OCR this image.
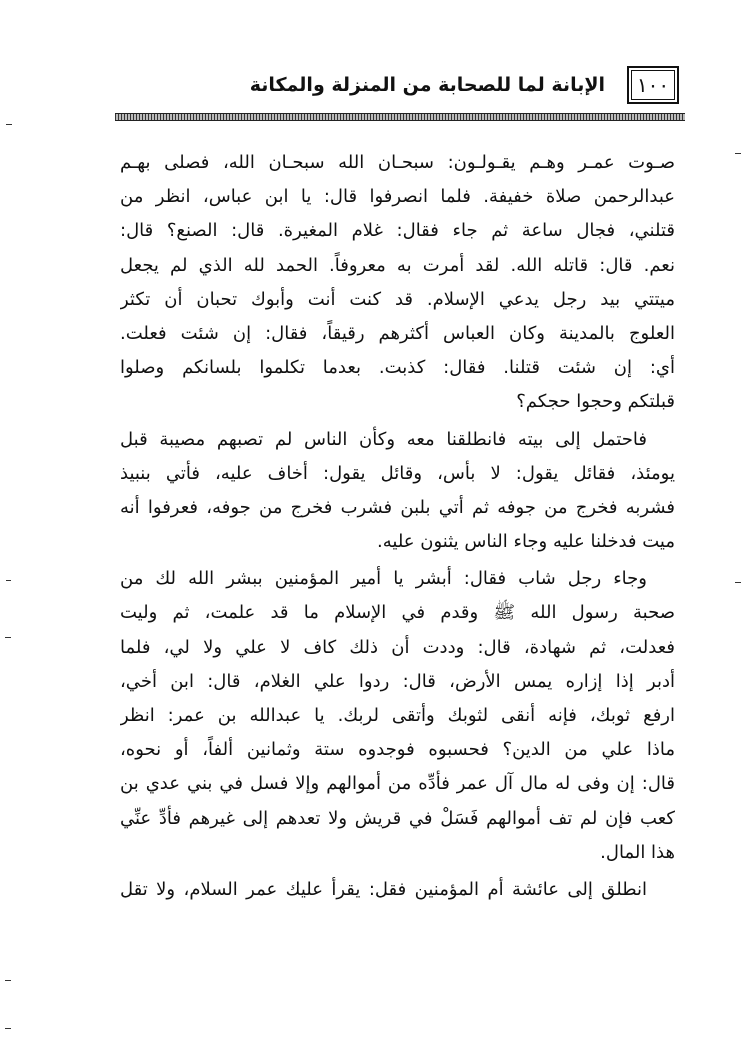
١٠٠
الإبانة لما للصحابة من المنزلة والمكانة

صـوت عمـر وهـم يقـولـون: سبحـان الله سبحـان الله، فصلى بهـم
عبدالرحمن صلاة خفيفة. فلما انصرفوا قال: يا ابن عباس، انظر من
قتلني، فجال ساعة ثم جاء فقال: غلام المغيرة. قال: الصنع؟ قال:
نعم. قال: قاتله الله. لقد أمرت به معروفاً. الحمد لله الذي لم يجعل
ميتتي بيد رجل يدعي الإسلام. قد كنت أنت وأبوك تحبان أن تكثر
العلوج بالمدينة وكان العباس أكثرهم رقيقاً، فقال: إن شئت فعلت.
أي: إن شئت قتلنا. فقال: كذبت. بعدما تكلموا بلسانكم وصلوا
قبلتكم وحجوا حجكم؟

فاحتمل إلى بيته فانطلقنا معه وكأن الناس لم تصبهم مصيبة قبل
يومئذ، فقائل يقول: لا بأس، وقائل يقول: أخاف عليه، فأتي بنبيذ
فشربه فخرج من جوفه ثم أتي بلبن فشرب فخرج من جوفه، فعرفوا أنه
ميت فدخلنا عليه وجاء الناس يثنون عليه.

وجاء رجل شاب فقال: أبشر يا أمير المؤمنين ببشر الله لك من
صحبة رسول الله ﷺ وقدم في الإسلام ما قد علمت، ثم وليت
فعدلت، ثم شهادة، قال: وددت أن ذلك كاف لا علي ولا لي، فلما
أدبر إذا إزاره يمس الأرض، قال: ردوا علي الغلام، قال: ابن أخي،
ارفع ثوبك، فإنه أنقى لثوبك وأتقى لربك. يا عبدالله بن عمر: انظر
ماذا علي من الدين؟ فحسبوه فوجدوه ستة وثمانين ألفاً، أو نحوه،
قال: إن وفى له مال آل عمر فأدِّه من أموالهم وإلا فسل في بني عدي بن
كعب فإن لم تف أموالهم فَسَلْ في قريش ولا تعدهم إلى غيرهم فأدِّ عنِّي
هذا المال.

انطلق إلى عائشة أم المؤمنين فقل: يقرأ عليك عمر السلام، ولا تقل
